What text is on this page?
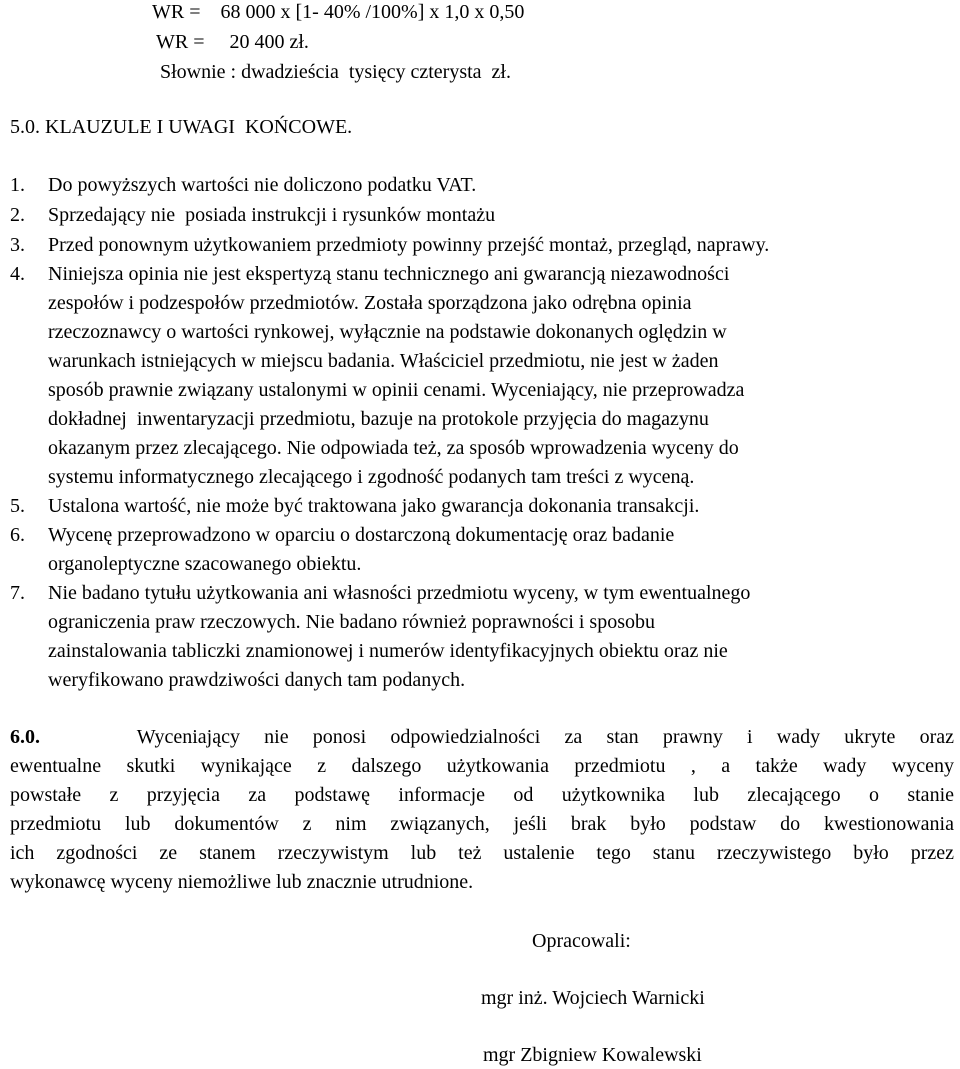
WR =    68 000 x [1- 40% /100%] x 1,0 x 0,50
WR =     20 400 zł.
Słownie : dwadzieścia  tysięcy czterysta  zł.
5.0. KLAUZULE I UWAGI  KOŃCOWE.
1. Do powyższych wartości nie doliczono podatku VAT.
2. Sprzedający nie  posiada instrukcji i rysunków montażu
3. Przed ponownym użytkowaniem przedmioty powinny przejść montaż, przegląd, naprawy.
4. Niniejsza opinia nie jest ekspertyzą stanu technicznego ani gwarancją niezawodności
zespołów i podzespołów przedmiotów. Została sporządzona jako odrębna opinia
rzeczoznawcy o wartości rynkowej, wyłącznie na podstawie dokonanych oględzin w
warunkach istniejących w miejscu badania. Właściciel przedmiotu, nie jest w żaden
sposób prawnie związany ustalonymi w opinii cenami. Wyceniający, nie przeprowadza
dokładnej  inwentaryzacji przedmiotu, bazuje na protokole przyjęcia do magazynu
okazanym przez zlecającego. Nie odpowiada też, za sposób wprowadzenia wyceny do
systemu informatycznego zlecającego i zgodność podanych tam treści z wyceną.
5. Ustalona wartość, nie może być traktowana jako gwarancja dokonania transakcji.
6. Wycenę przeprowadzono w oparciu o dostarczoną dokumentację oraz badanie
organoleptyczne szacowanego obiektu.
7. Nie badano tytułu użytkowania ani własności przedmiotu wyceny, w tym ewentualnego
ograniczenia praw rzeczowych. Nie badano również poprawności i sposobu
zainstalowania tabliczki znamionowej i numerów identyfikacyjnych obiektu oraz nie
weryfikowano prawdziwości danych tam podanych.
6.0.	Wyceniający nie ponosi odpowiedzialności za stan prawny i wady ukryte oraz
ewentualne skutki wynikające z dalszego użytkowania przedmiotu , a także wady wyceny
powstałe z przyjęcia za podstawę informacje od użytkownika lub zlecającego o stanie
przedmiotu lub dokumentów z nim związanych, jeśli brak było podstaw do kwestionowania
ich zgodności ze stanem rzeczywistym lub też ustalenie tego stanu rzeczywistego było przez
wykonawcę wyceny niemożliwe lub znacznie utrudnione.
Opracowali:
mgr inż. Wojciech Warnicki
mgr Zbigniew Kowalewski
